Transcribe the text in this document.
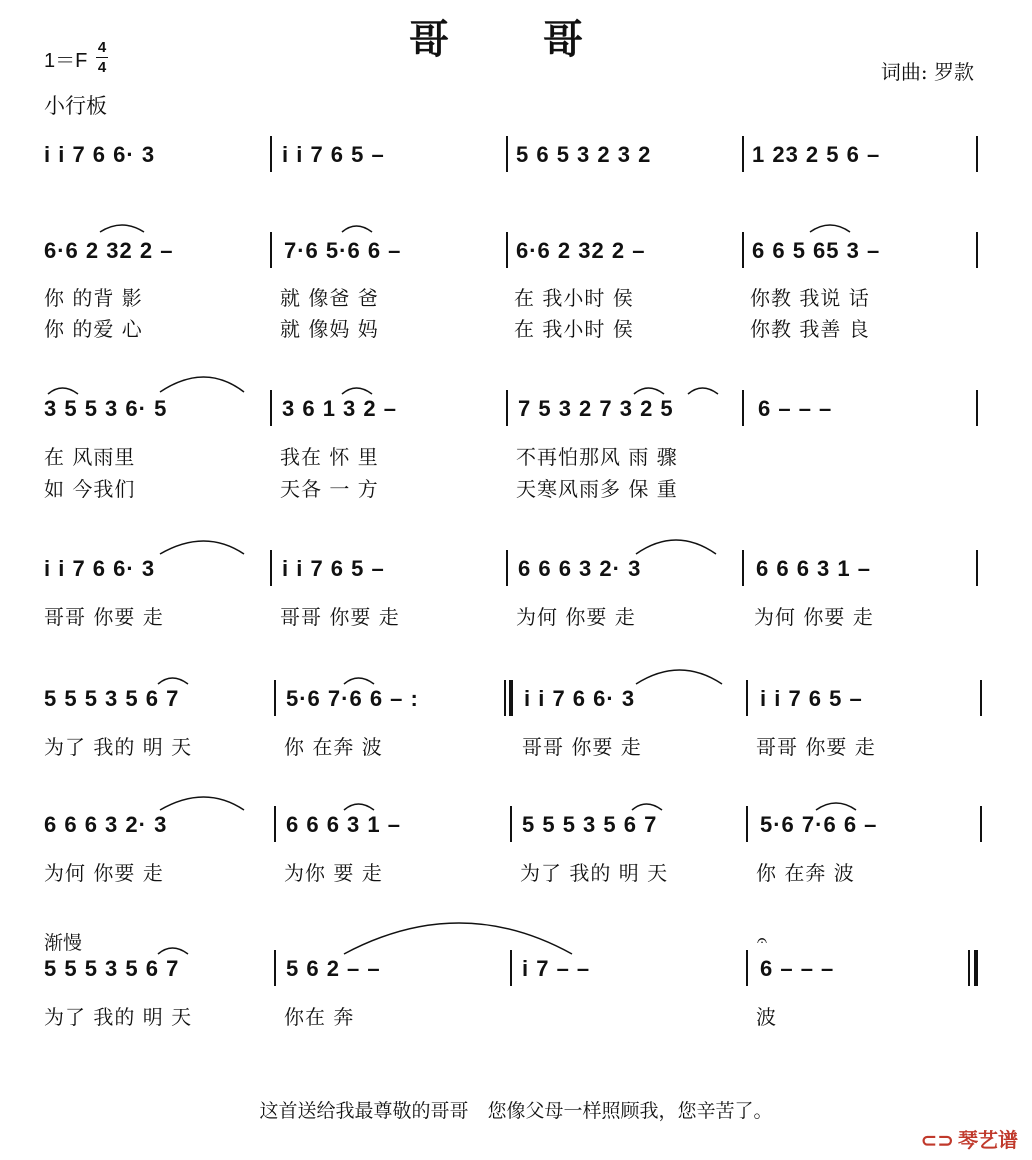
哥 哥
1＝F
4
4	词曲: 罗款
小行板
i i 7 6 6· 3	i i 7 6 5 –	5 6 5 3 2 3 2	1 23 2 5 6 –
6·6 2 32 2 –	7·6 5·6 6 –	6·6 2 32 2 –	6 6 5 65 3 –
你 的背 影	就 像爸 爸	在 我小时 侯	你教 我说 话
你 的爱 心	就 像妈 妈	在 我小时 侯	你教 我善 良
3 5 5 3 6· 5	3 6 1 3 2 –	7 5 3 2 7 3 2 5	6 – – –
在 风雨里	我在 怀 里	不再怕那风 雨 骤
如 今我们	天各 一 方	天寒风雨多 保 重
i i 7 6 6· 3	i i 7 6 5 –	6 6 6 3 2· 3	6 6 6 3 1 –
哥哥 你要 走	哥哥 你要 走	为何 你要 走	为何 你要 走
5 5 5 3 5 6 7	5·6 7·6 6 – :	i i 7 6 6· 3	i i 7 6 5 –
为了 我的 明 天	你 在奔 波	哥哥 你要 走	哥哥 你要 走
6 6 6 3 2· 3	6 6 6 3 1 –	5 5 5 3 5 6 7	5·6 7·6 6 –
为何 你要 走	为你 要 走	为了 我的 明 天	你 在奔 波
渐慢
5 5 5 3 5 6 7	5 6 2 – –	i 7 – –
𝄐
6 – – –
为了 我的 明 天	你在 奔	波
这首送给我最尊敬的哥哥　您像父母一样照顾我，您辛苦了。
⊂⊃ 琴艺谱
